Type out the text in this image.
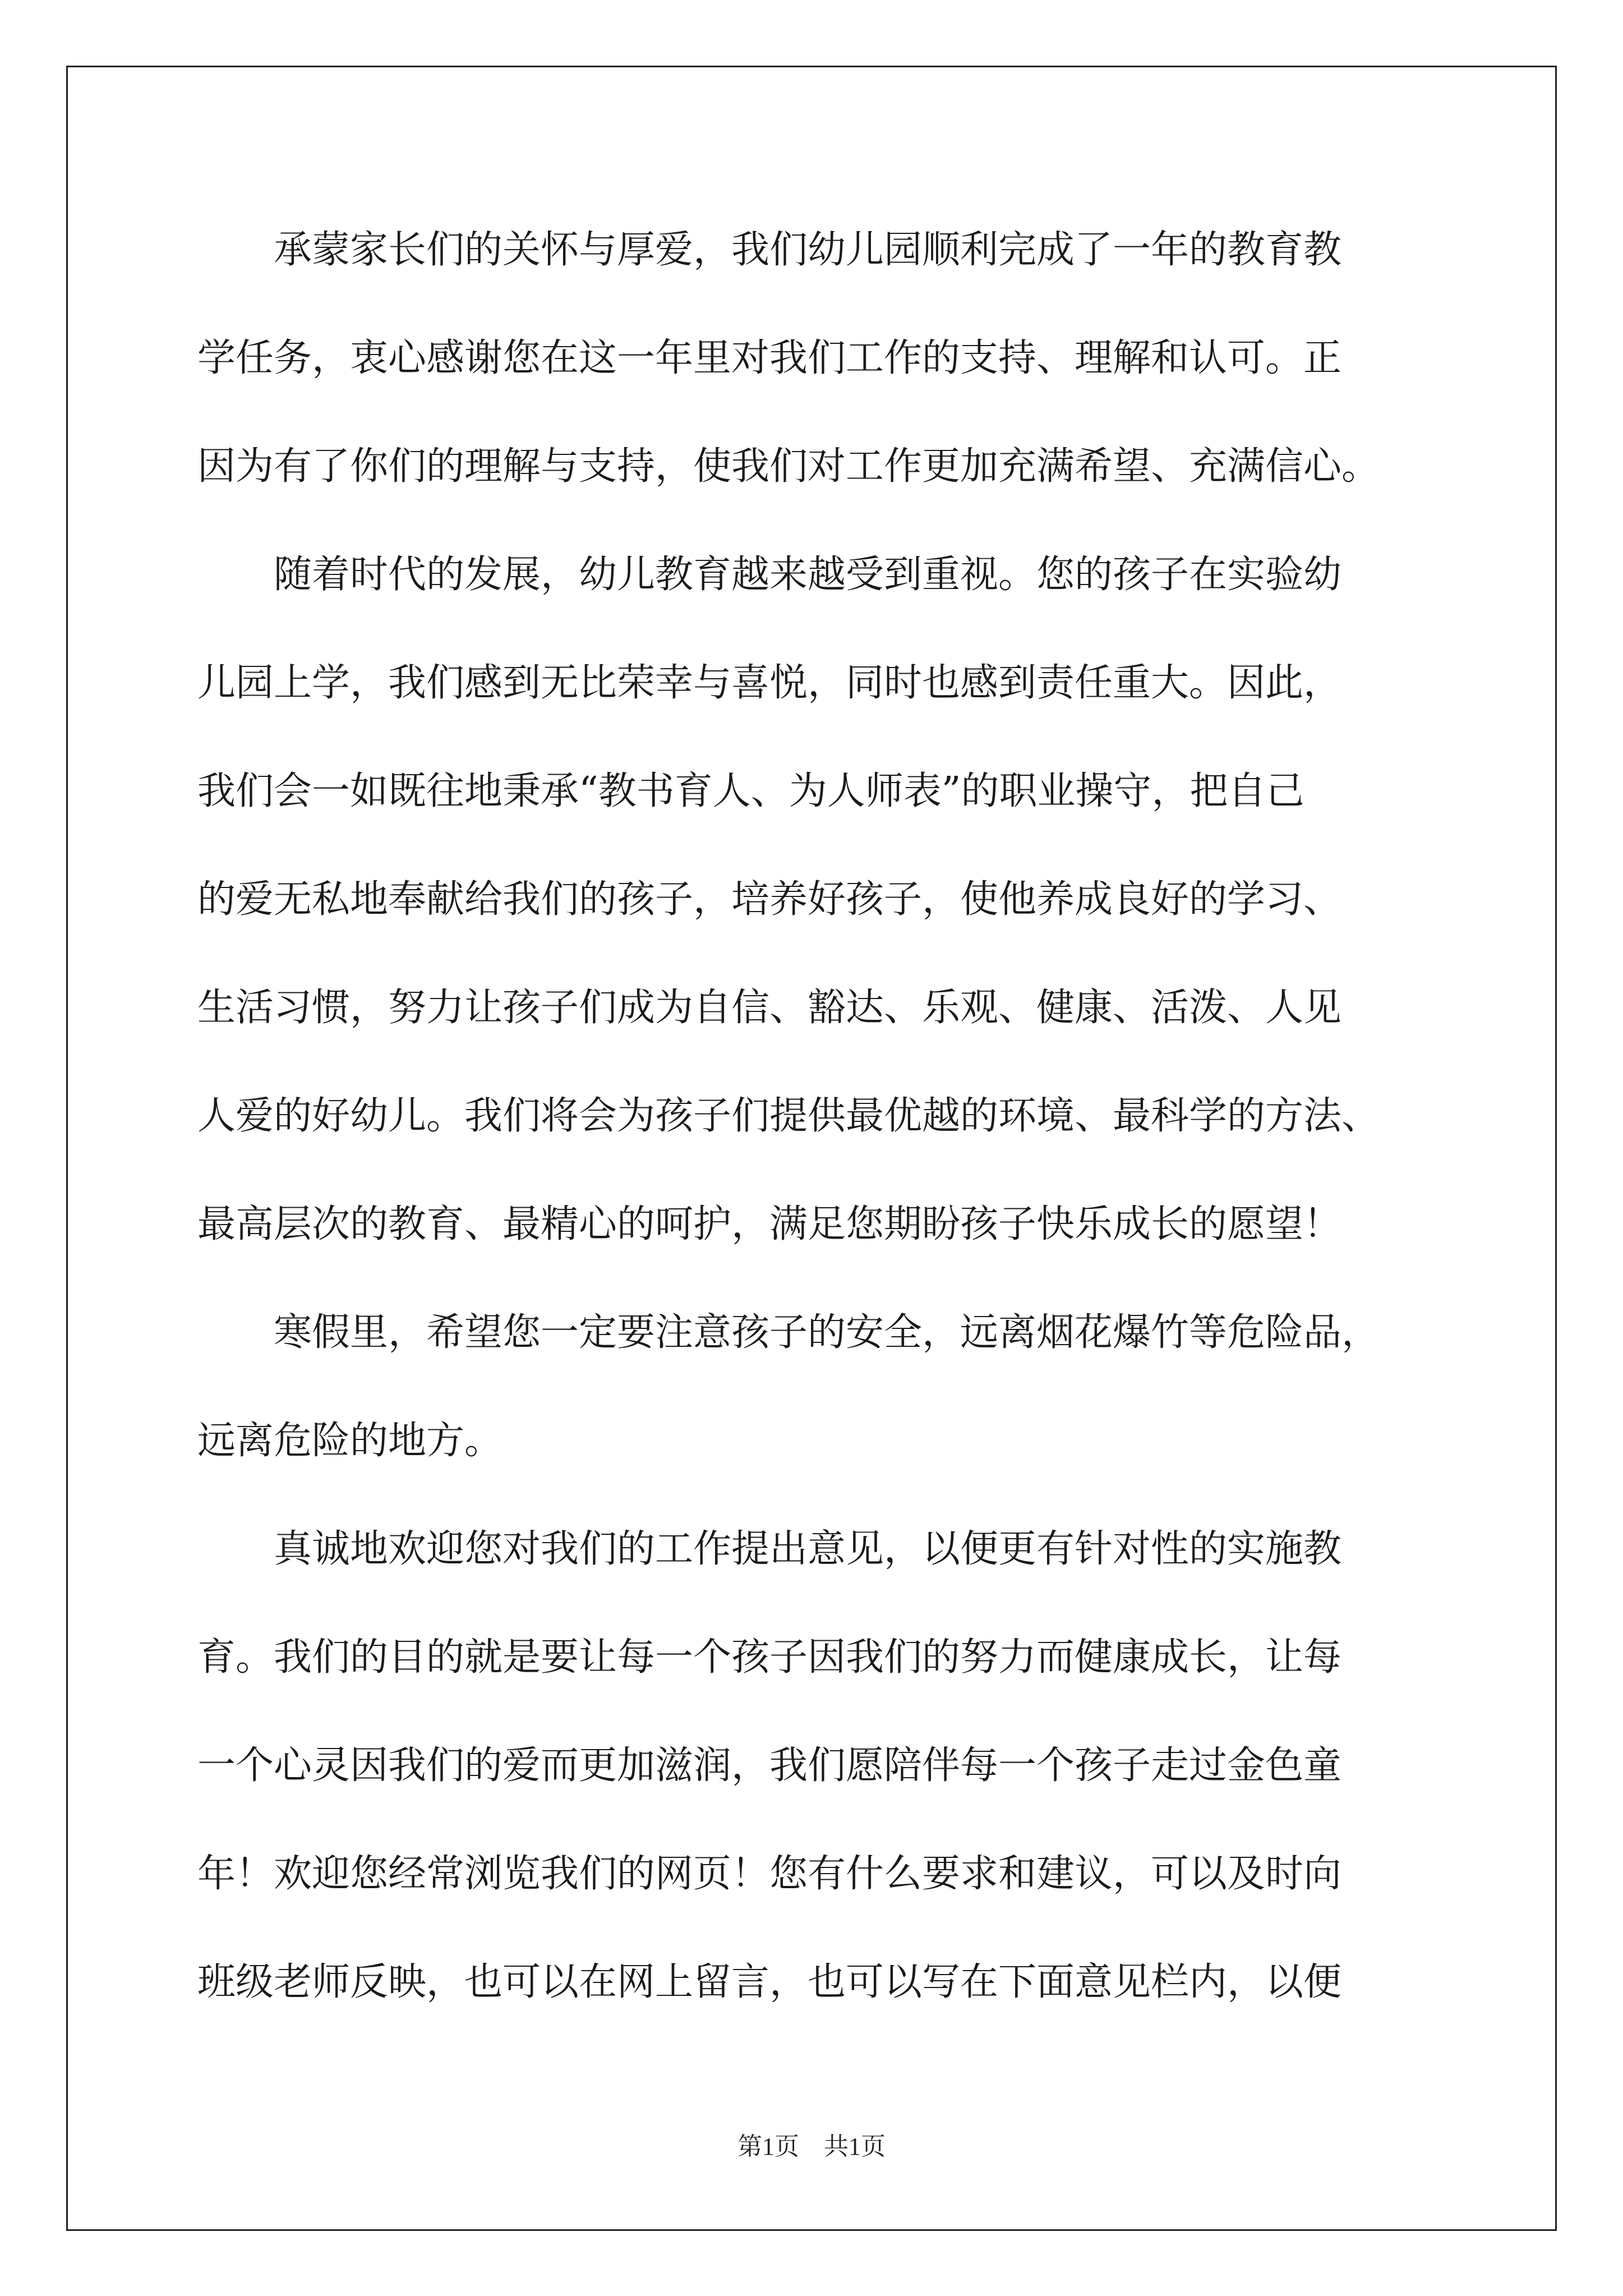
承蒙家长们的关怀与厚爱，我们幼儿园顺利完成了一年的教育教
学任务，衷心感谢您在这一年里对我们工作的支持、理解和认可。正
因为有了你们的理解与支持，使我们对工作更加充满希望、充满信心。
随着时代的发展，幼儿教育越来越受到重视。您的孩子在实验幼
儿园上学，我们感到无比荣幸与喜悦，同时也感到责任重大。因此，
我们会一如既往地秉承“教书育人、为人师表”的职业操守，把自己
的爱无私地奉献给我们的孩子，培养好孩子，使他养成良好的学习、
生活习惯，努力让孩子们成为自信、豁达、乐观、健康、活泼、人见
人爱的好幼儿。我们将会为孩子们提供最优越的环境、最科学的方法、
最高层次的教育、最精心的呵护，满足您期盼孩子快乐成长的愿望！
寒假里，希望您一定要注意孩子的安全，远离烟花爆竹等危险品，
远离危险的地方。
真诚地欢迎您对我们的工作提出意见，以便更有针对性的实施教
育。我们的目的就是要让每一个孩子因我们的努力而健康成长，让每
一个心灵因我们的爱而更加滋润，我们愿陪伴每一个孩子走过金色童
年！欢迎您经常浏览我们的网页！您有什么要求和建议，可以及时向
班级老师反映，也可以在网上留言，也可以写在下面意见栏内，以便
第1页　共1页
